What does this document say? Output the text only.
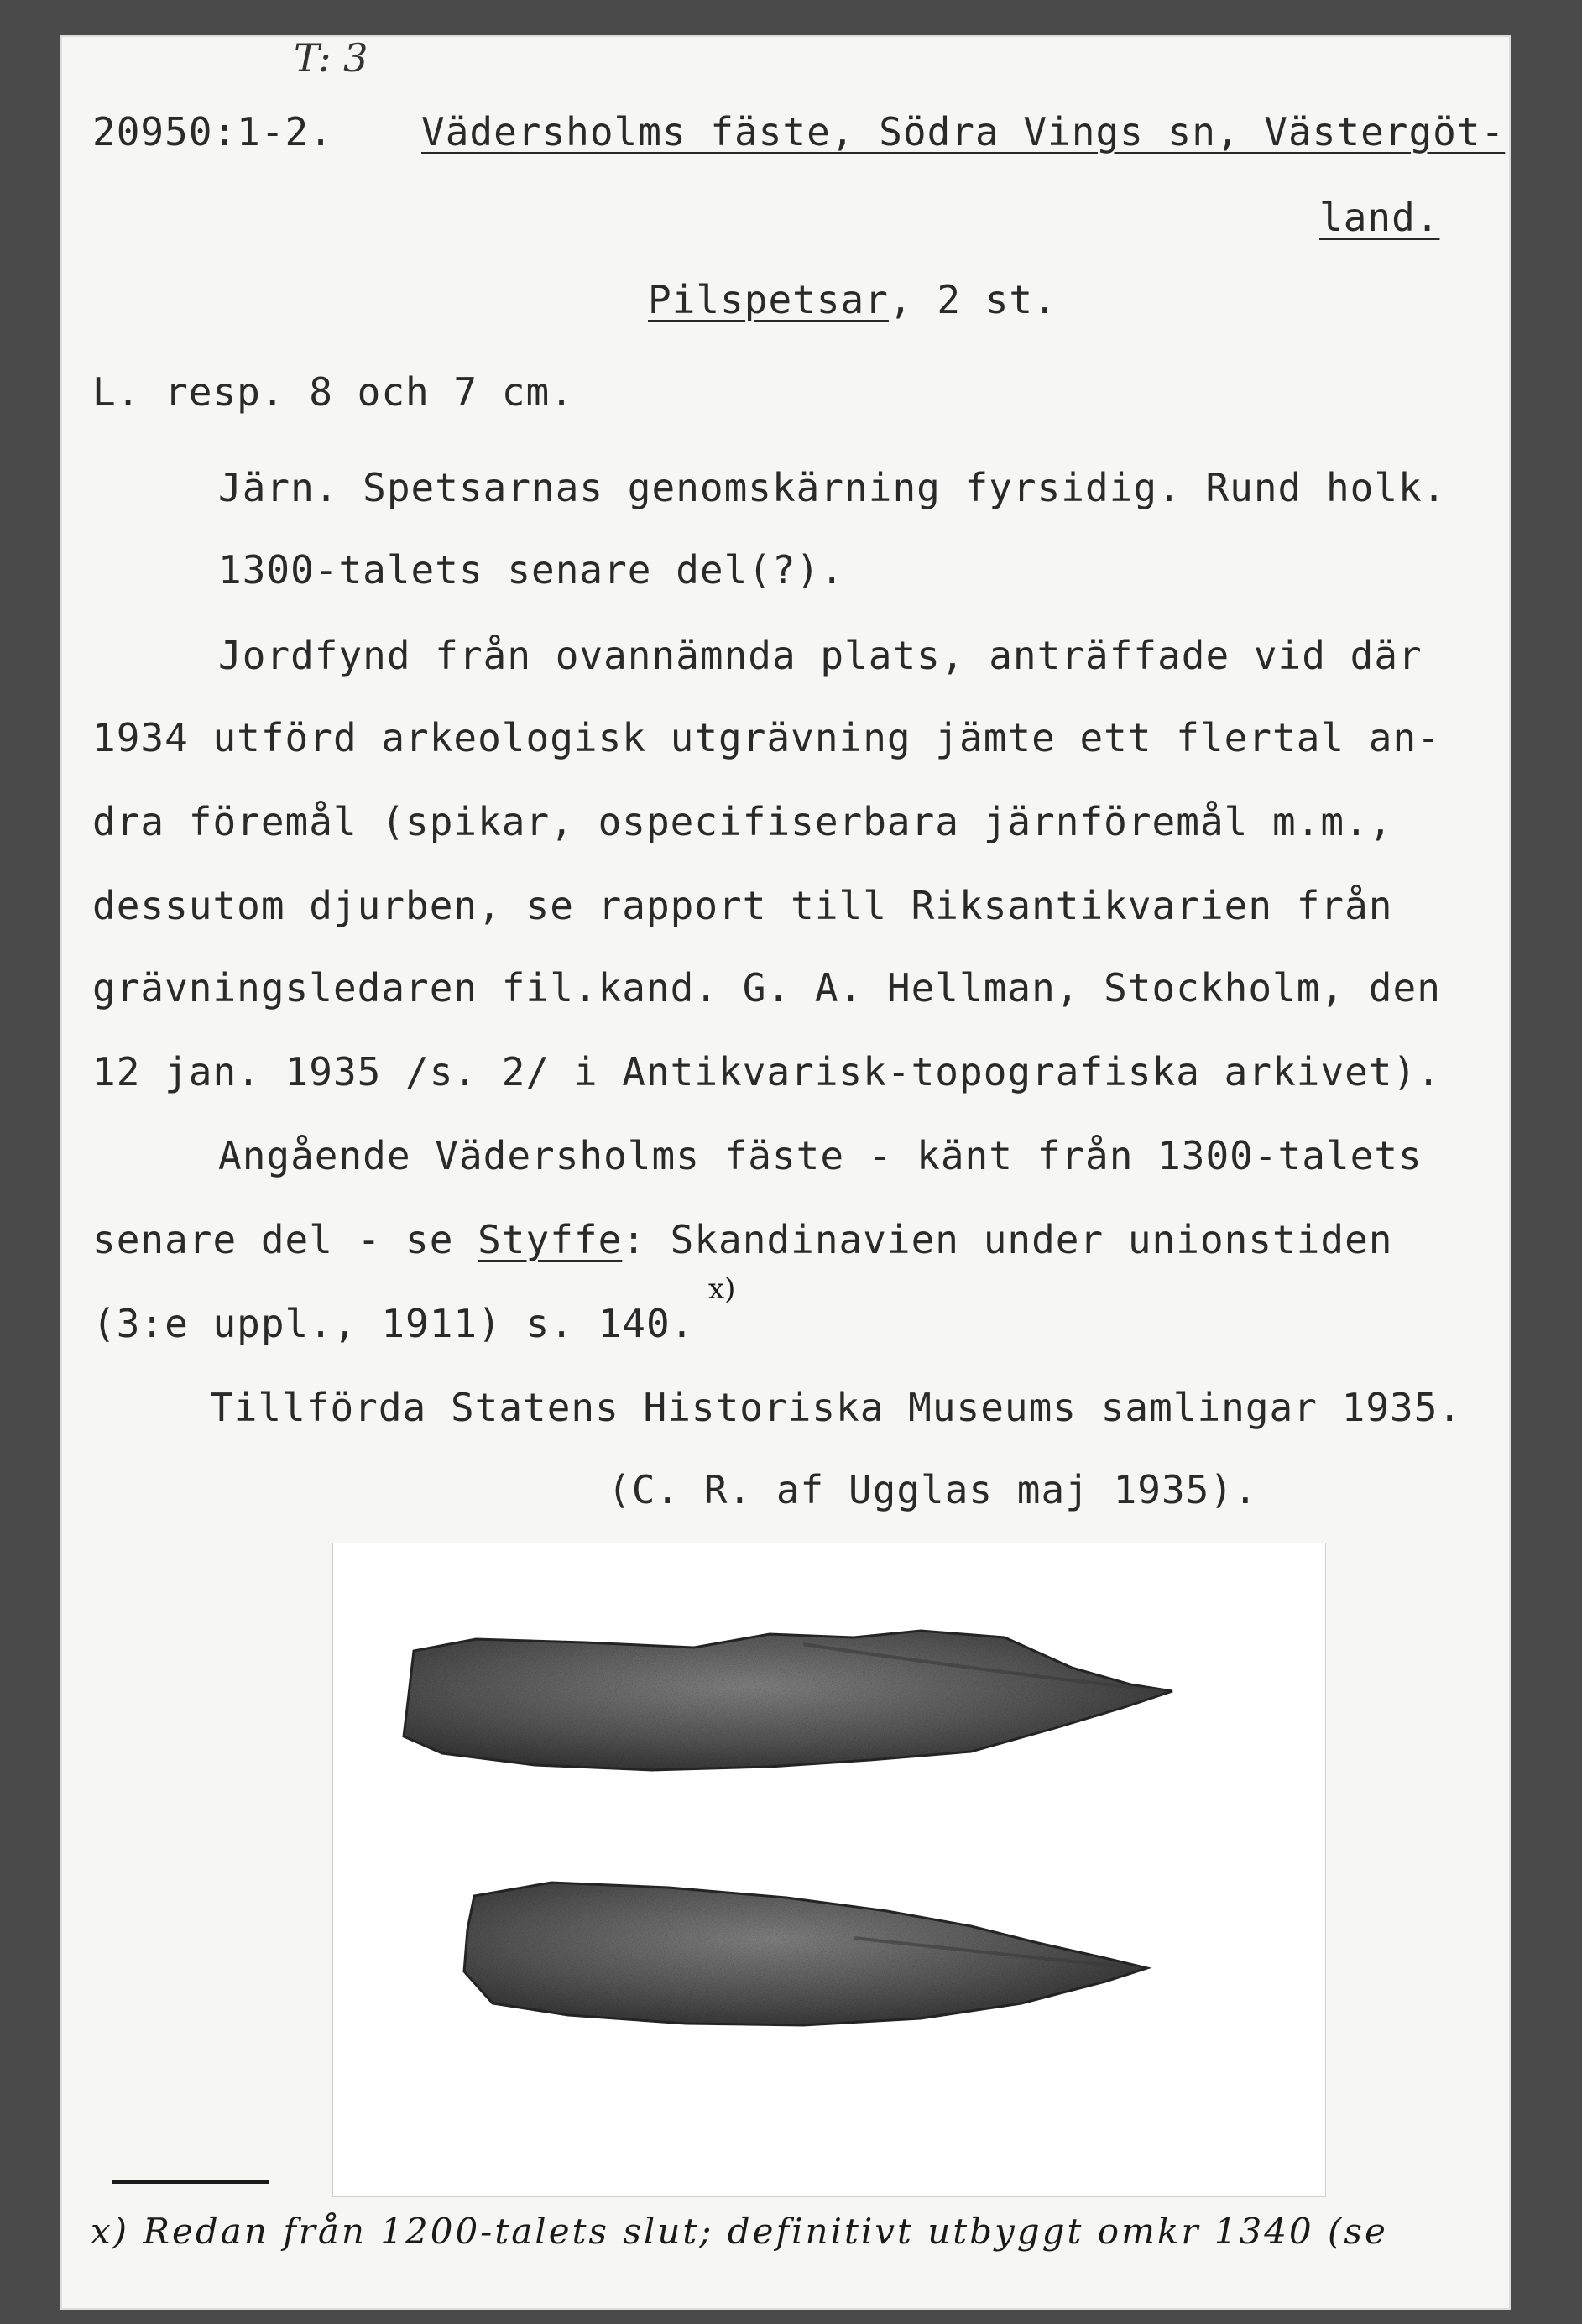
T: 3
20950:1-2. Vädersholms fäste, Södra Vings sn, Västergöt-
land.
Pilspetsar, 2 st.
L. resp. 8 och 7 cm.
Järn. Spetsarnas genomskärning fyrsidig. Rund holk.
1300-talets senare del(?).
Jordfynd från ovannämnda plats, anträffade vid där
1934 utförd arkeologisk utgrävning jämte ett flertal an-
dra föremål (spikar, ospecifiserbara järnföremål m.m.,
dessutom djurben, se rapport till Riksantikvarien från
grävningsledaren fil.kand. G. A. Hellman, Stockholm, den
12 jan. 1935 /s. 2/ i Antikvarisk-topografiska arkivet).
Angående Vädersholms fäste - känt från 1300-talets
senare del - se Styffe: Skandinavien under unionstiden
(3:e uppl., 1911) s. 140.
x)
Tillförda Statens Historiska Museums samlingar 1935.
(C. R. af Ugglas maj 1935).
x) Redan från 1200-talets slut; definitivt utbyggt omkr 1340 (se
